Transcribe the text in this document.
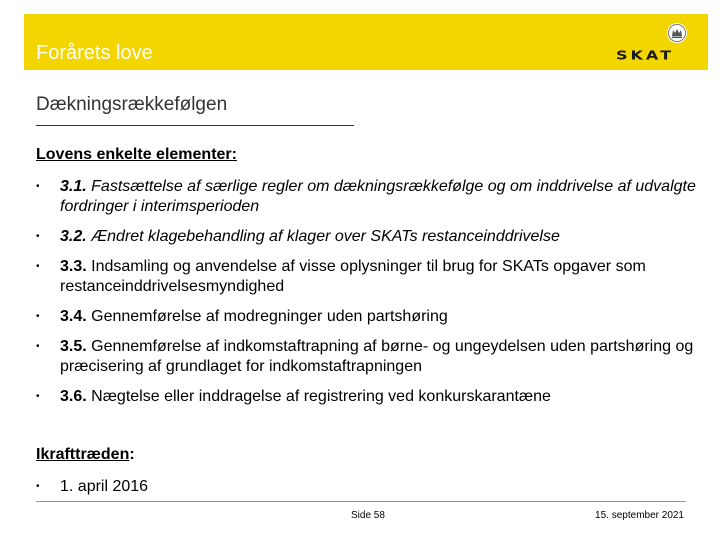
Forårets love	SKAT
Dækningsrækkefølgen
Lovens enkelte elementer:
• 3.1. Fastsættelse af særlige regler om dækningsrækkefølge og om inddrivelse af udvalgte fordringer i interimsperioden
• 3.2. Ændret klagebehandling af klager over SKATs restanceinddrivelse
• 3.3. Indsamling og anvendelse af visse oplysninger til brug for SKATs opgaver som restanceinddrivelsesmyndighed
• 3.4. Gennemførelse af modregninger uden partshøring
• 3.5. Gennemførelse af indkomstaftrapning af børne- og ungeydelsen uden partshøring og præcisering af grundlaget for indkomstaftrapningen
• 3.6. Nægtelse eller inddragelse af registrering ved konkurskarantæne
Ikrafttræden:
• 1. april 2016
Side 58	15. september 2021
